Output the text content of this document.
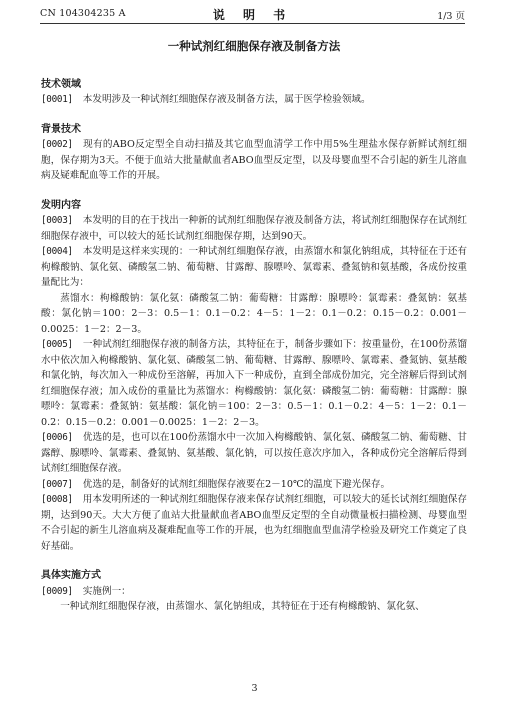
CN 104304235 A	说 明 书	1/3 页
一种试剂红细胞保存液及制备方法
技术领域

[0001] 本发明涉及一种试剂红细胞保存液及制备方法，属于医学检验领域。

背景技术

[0002] 现有的ABO反定型全自动扫描及其它血型血清学工作中用5%生理盐水保存新鲜试剂红细胞，保存期为3天。不便于血站大批量献血者ABO血型反定型，以及母婴血型不合引起的新生儿溶血病及疑难配血等工作的开展。

发明内容

[0003] 本发明的目的在于找出一种新的试剂红细胞保存液及制备方法，将试剂红细胞保存在试剂红细胞保存液中，可以较大的延长试剂红细胞保存期，达到90天。

[0004] 本发明是这样来实现的：一种试剂红细胞保存液，由蒸馏水和氯化钠组成，其特征在于还有枸橼酸钠、氯化氨、磷酸氢二钠、葡萄糖、甘露醇、腺嘌呤、氯霉素、叠氮钠和氨基酸，各成份按重量配比为：

蒸馏水：枸橼酸钠：氯化氨：磷酸氢二钠：葡萄糖：甘露醇：腺嘌呤：氯霉素：叠氮钠：氨基酸：氯化钠＝100：2－3：0.5－1：0.1－0.2：4－5：1－2：0.1－0.2：0.15－0.2：0.001－0.0025：1－2：2－3。

[0005] 一种试剂红细胞保存液的制备方法，其特征在于，制备步骤如下：按重量份，在100份蒸馏水中依次加入枸橼酸钠、氯化氨、磷酸氢二钠、葡萄糖、甘露醇、腺嘌呤、氯霉素、叠氮钠、氨基酸和氯化钠，每次加入一种成份至溶解，再加入下一种成份，直到全部成份加完，完全溶解后得到试剂红细胞保存液；加入成份的重量比为蒸馏水：枸橼酸钠：氯化氨：磷酸氢二钠：葡萄糖：甘露醇：腺嘌呤：氯霉素：叠氮钠：氨基酸：氯化钠＝100：2－3：0.5－1：0.1－0.2：4－5：1－2：0.1－0.2：0.15－0.2：0.001－0.0025：1－2：2－3。

[0006] 优选的是，也可以在100份蒸馏水中一次加入枸橼酸钠、氯化氨、磷酸氢二钠、葡萄糖、甘露醇、腺嘌呤、氯霉素、叠氮钠、氨基酸、氯化钠，可以按任意次序加入，各种成份完全溶解后得到试剂红细胞保存液。

[0007] 优选的是，制备好的试剂红细胞保存液要在2－10℃的温度下避光保存。

[0008] 用本发明所述的一种试剂红细胞保存液来保存试剂红细胞，可以较大的延长试剂红细胞保存期，达到90天。大大方便了血站大批量献血者ABO血型反定型的全自动微量板扫描检测、母婴血型不合引起的新生儿溶血病及凝难配血等工作的开展，也为红细胞血型血清学检验及研究工作奠定了良好基础。

具体实施方式

[0009] 实施例一：

一种试剂红细胞保存液，由蒸馏水、氯化钠组成，其特征在于还有枸橼酸钠、氯化氨、

3
